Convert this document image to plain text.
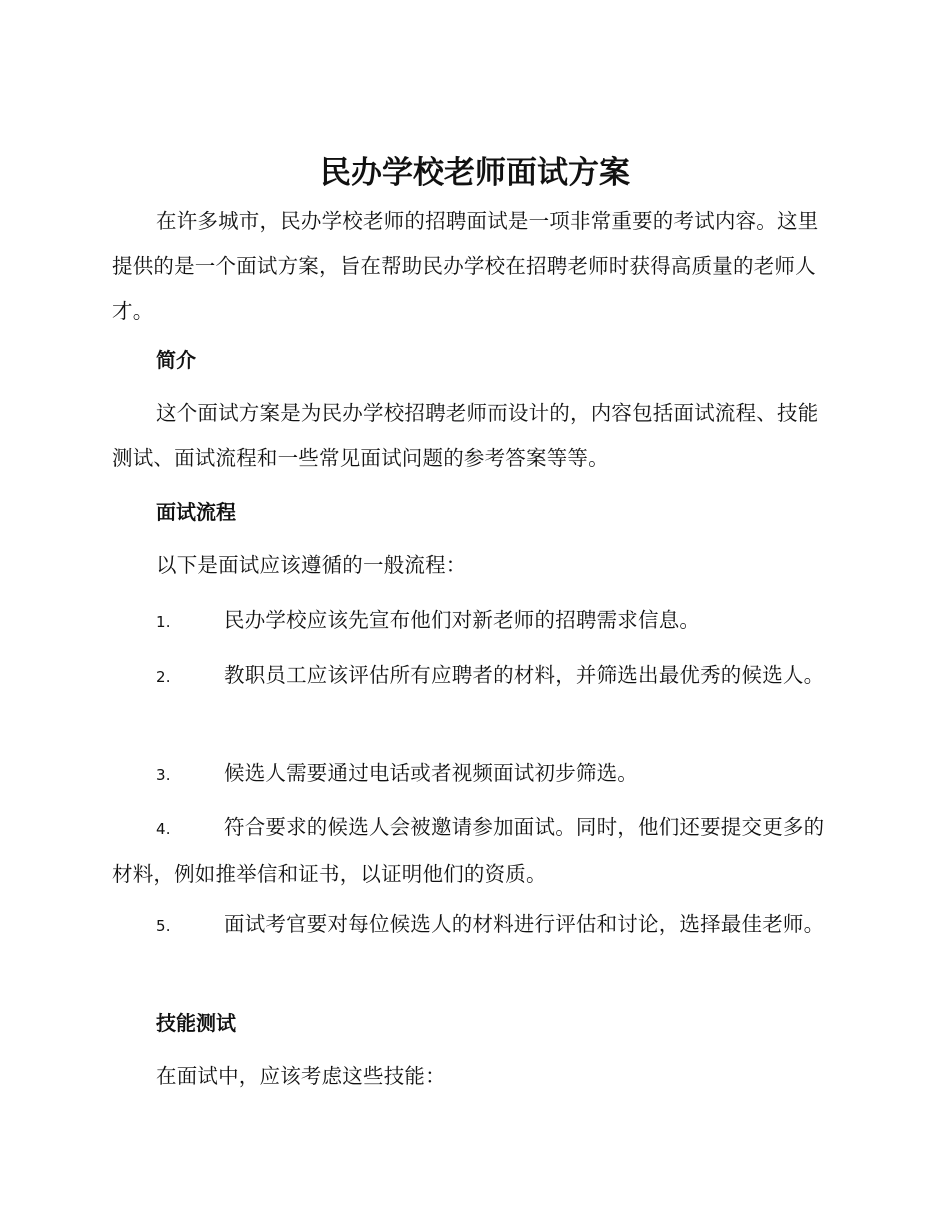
民办学校老师面试方案

在许多城市，民办学校老师的招聘面试是一项非常重要的考试内容。这里提供的是一个面试方案，旨在帮助民办学校在招聘老师时获得高质量的老师人才。

简介

这个面试方案是为民办学校招聘老师而设计的，内容包括面试流程、技能测试、面试流程和一些常见面试问题的参考答案等等。

面试流程

以下是面试应该遵循的一般流程：

1.	民办学校应该先宣布他们对新老师的招聘需求信息。

2.	教职员工应该评估所有应聘者的材料，并筛选出最优秀的候选人。

3.	候选人需要通过电话或者视频面试初步筛选。

4.	符合要求的候选人会被邀请参加面试。同时，他们还要提交更多的材料，例如推举信和证书，以证明他们的资质。

5.	面试考官要对每位候选人的材料进行评估和讨论，选择最佳老师。

技能测试

在面试中，应该考虑这些技能：
